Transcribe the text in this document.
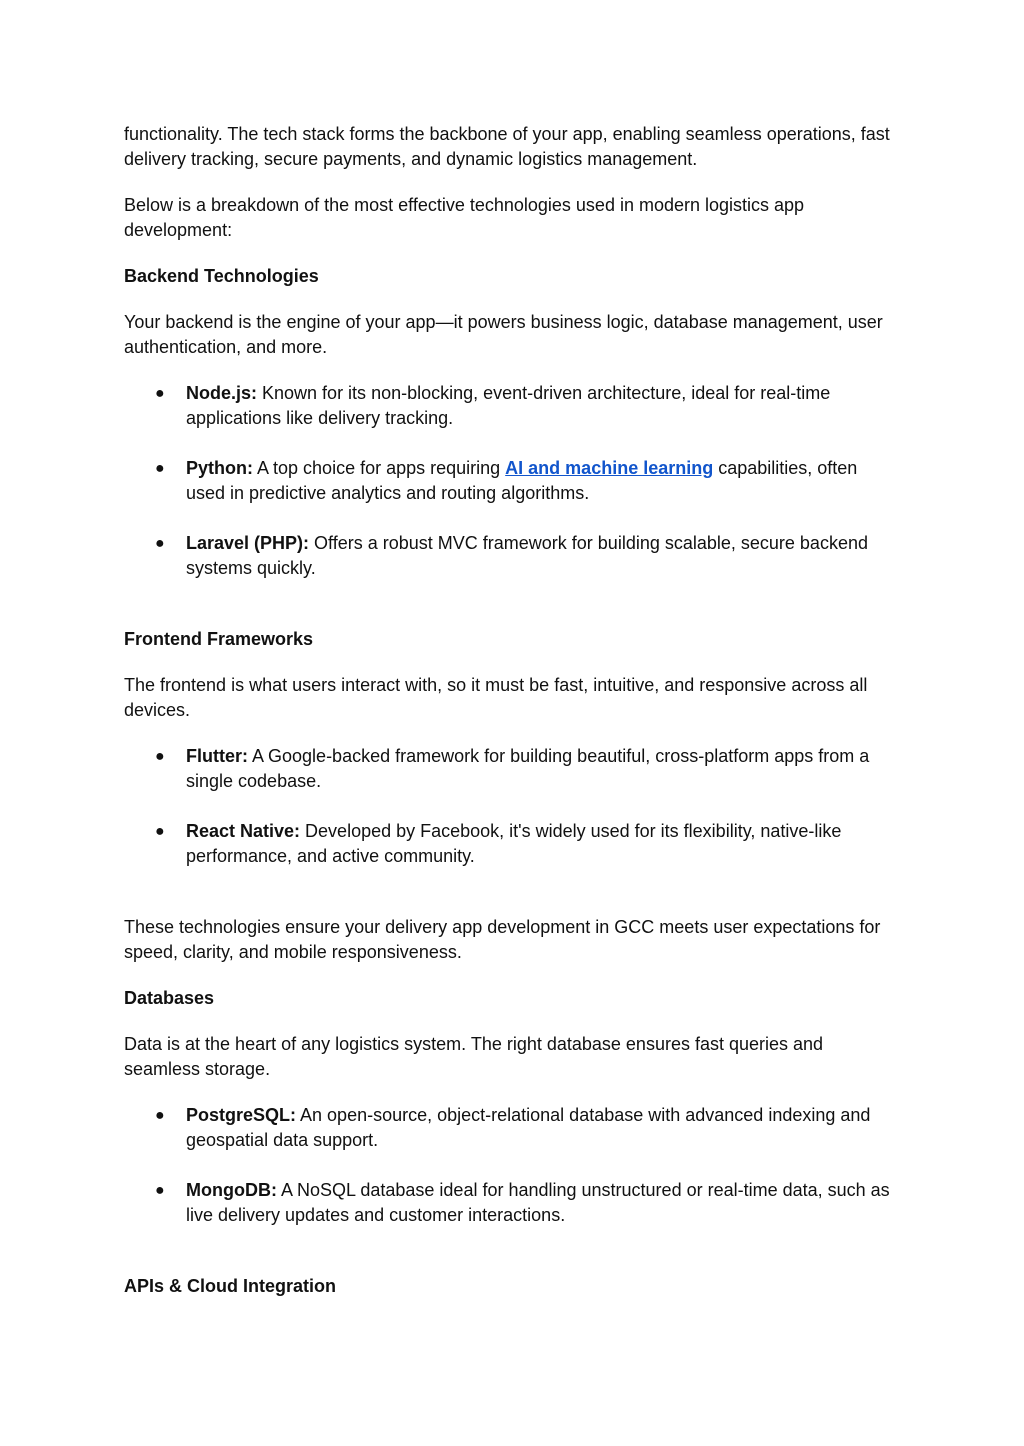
functionality. The tech stack forms the backbone of your app, enabling seamless operations, fast delivery tracking, secure payments, and dynamic logistics management.

Below is a breakdown of the most effective technologies used in modern logistics app development:

Backend Technologies

Your backend is the engine of your app—it powers business logic, database management, user authentication, and more.

● Node.js: Known for its non-blocking, event-driven architecture, ideal for real-time applications like delivery tracking.
● Python: A top choice for apps requiring AI and machine learning capabilities, often used in predictive analytics and routing algorithms.
● Laravel (PHP): Offers a robust MVC framework for building scalable, secure backend systems quickly.

Frontend Frameworks

The frontend is what users interact with, so it must be fast, intuitive, and responsive across all devices.

● Flutter: A Google-backed framework for building beautiful, cross-platform apps from a single codebase.
● React Native: Developed by Facebook, it's widely used for its flexibility, native-like performance, and active community.

These technologies ensure your delivery app development in GCC meets user expectations for speed, clarity, and mobile responsiveness.

Databases

Data is at the heart of any logistics system. The right database ensures fast queries and seamless storage.

● PostgreSQL: An open-source, object-relational database with advanced indexing and geospatial data support.
● MongoDB: A NoSQL database ideal for handling unstructured or real-time data, such as live delivery updates and customer interactions.

APIs & Cloud Integration
